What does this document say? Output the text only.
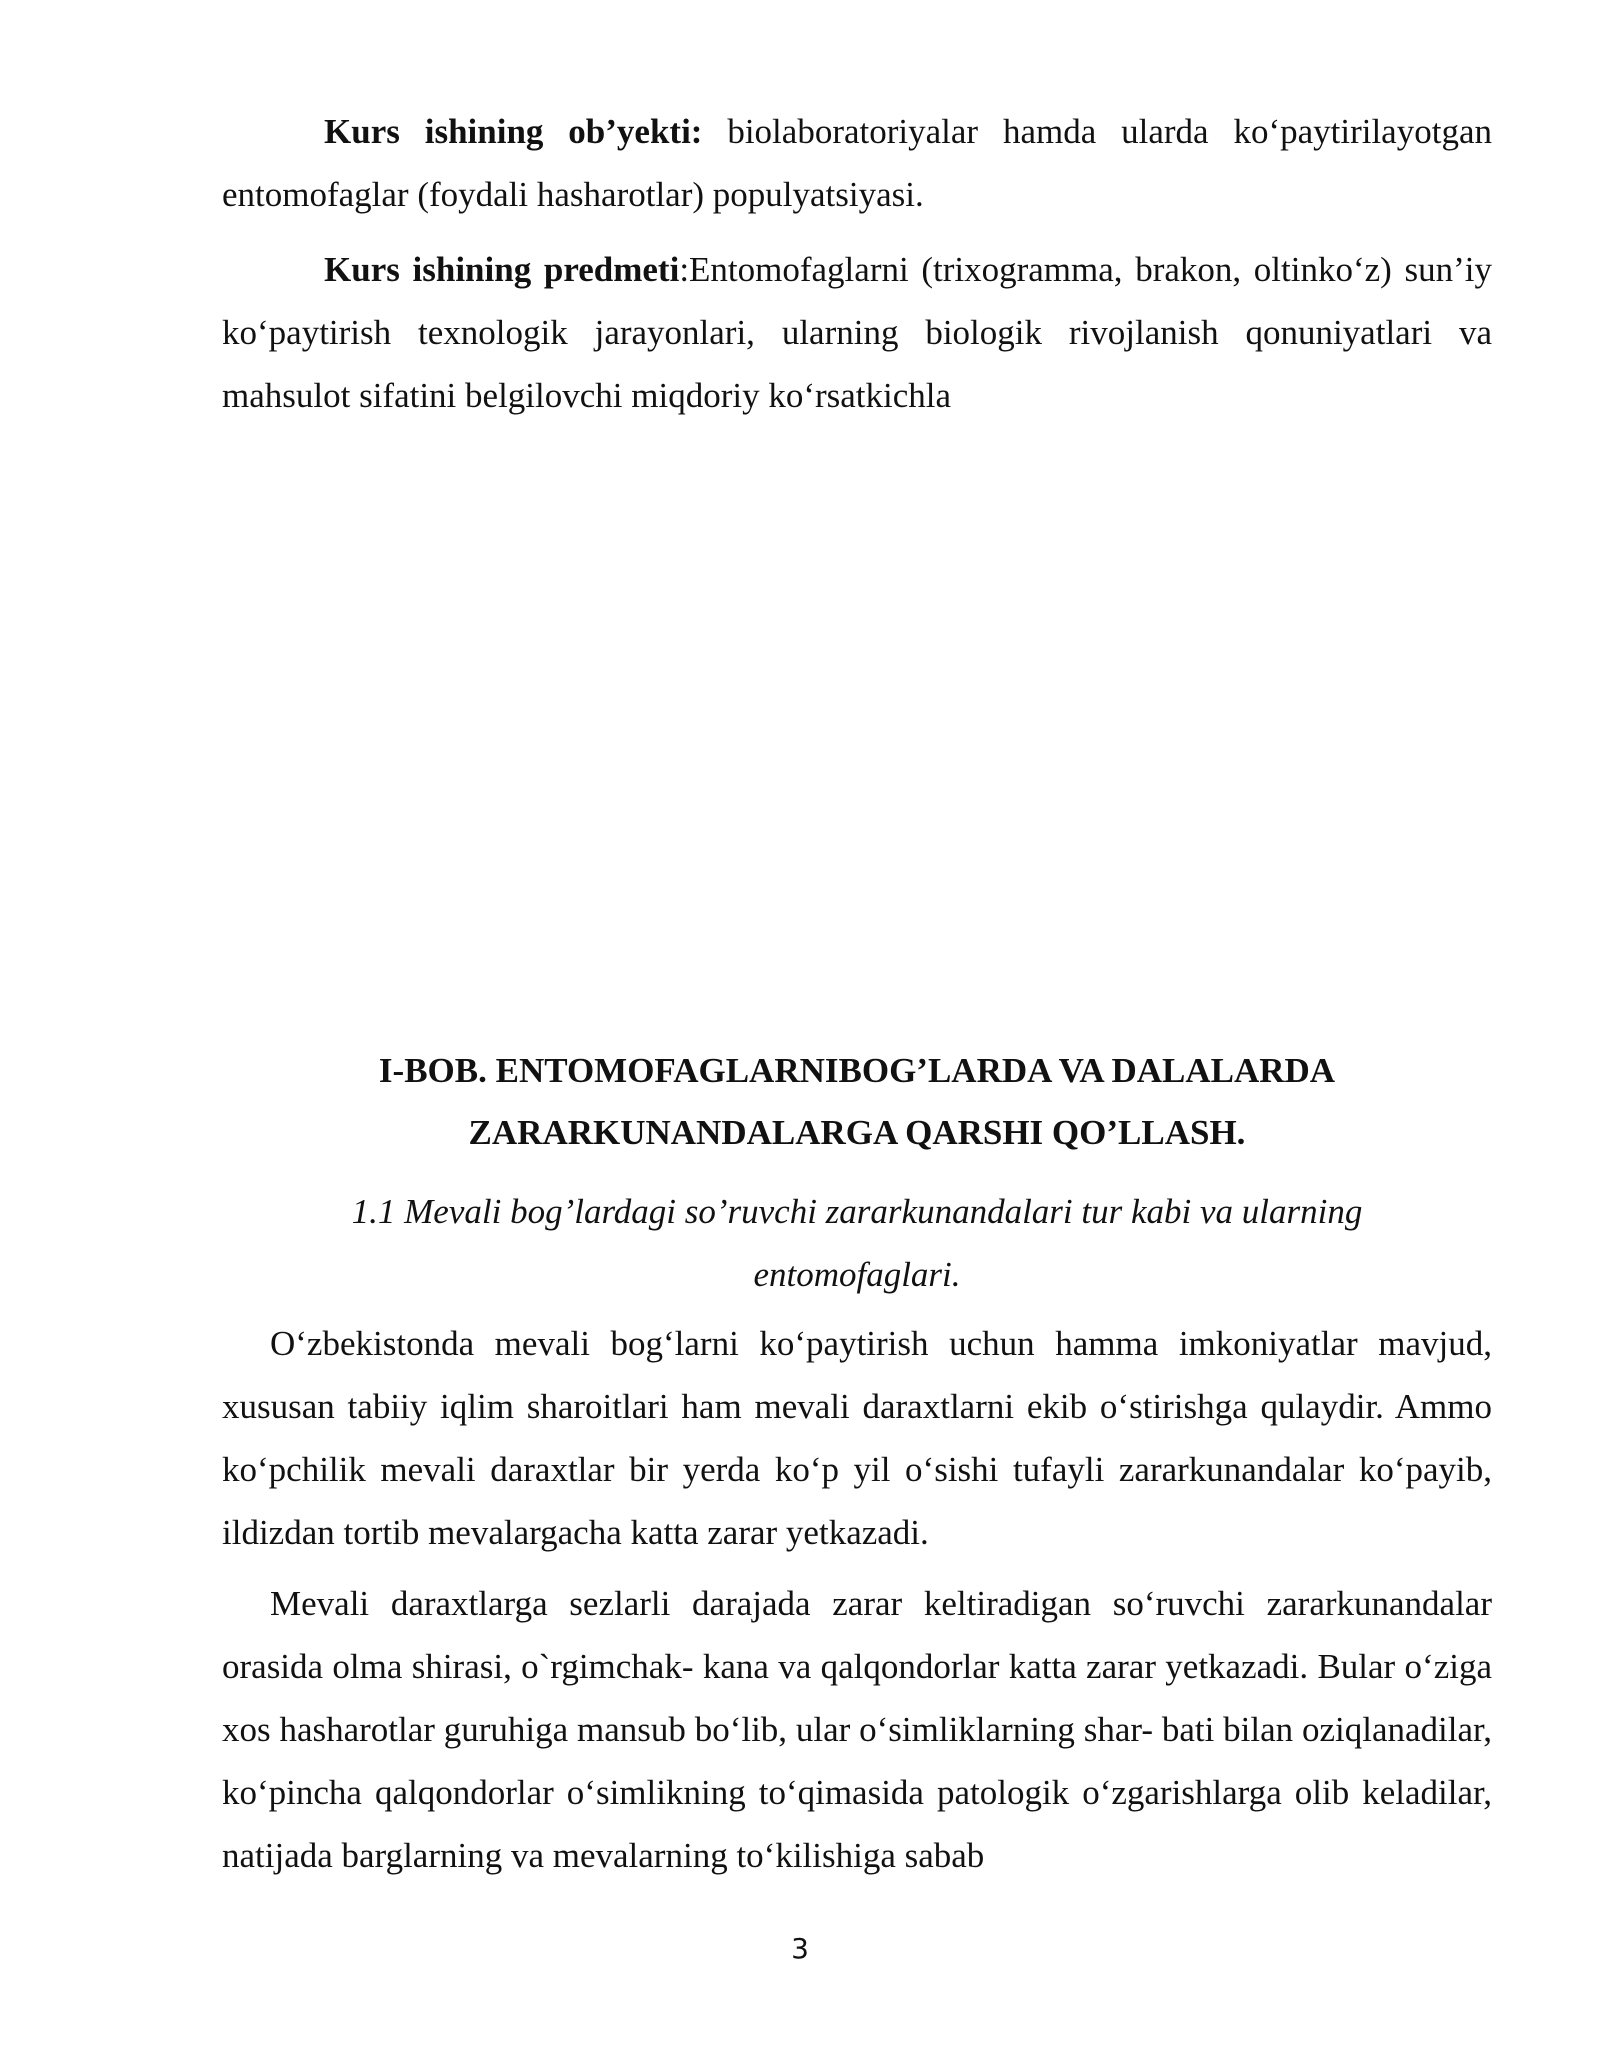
Kurs ishining ob’yekti: biolaboratoriyalar hamda ularda ko‘paytirilayotgan entomofaglar (foydali hasharotlar) populyatsiyasi.

Kurs ishining predmeti:Entomofaglarni (trixogramma, brakon, oltinko‘z) sun’iy ko‘paytirish texnologik jarayonlari, ularning biologik rivojlanish qonuniyatlari va mahsulot sifatini belgilovchi miqdoriy ko‘rsatkichla

I-BOB. ENTOMOFAGLARNIBOG’LARDA VA DALALARDA
ZARARKUNANDALARGA QARSHI QO’LLASH.
1.1 Mevali bog’lardagi so’ruvchi zararkunandalari tur kabi va ularning
entomofaglari.

O‘zbekistonda mevali bog‘larni ko‘paytirish uchun hamma imkoniyatlar mavjud, xususan tabiiy iqlim sharoitlari ham mevali daraxtlarni ekib o‘stirishga qulaydir. Ammo ko‘pchilik mevali daraxtlar bir yerda ko‘p yil o‘sishi tufayli zararkunandalar ko‘payib, ildizdan tortib mevalargacha katta zarar yetkazadi.

Mevali daraxtlarga sezlarli darajada zarar keltiradigan so‘ruvchi zararkunandalar orasida olma shirasi, o`rgimchak- kana va qalqondorlar katta zarar yetkazadi. Bular o‘ziga xos hasharotlar guruhiga mansub bo‘lib, ular o‘simliklarning shar- bati bilan oziqlanadilar, ko‘pincha qalqondorlar o‘simlikning to‘qimasida patologik o‘zgarishlarga olib keladilar, natijada barglarning va mevalarning to‘kilishiga sabab

3
